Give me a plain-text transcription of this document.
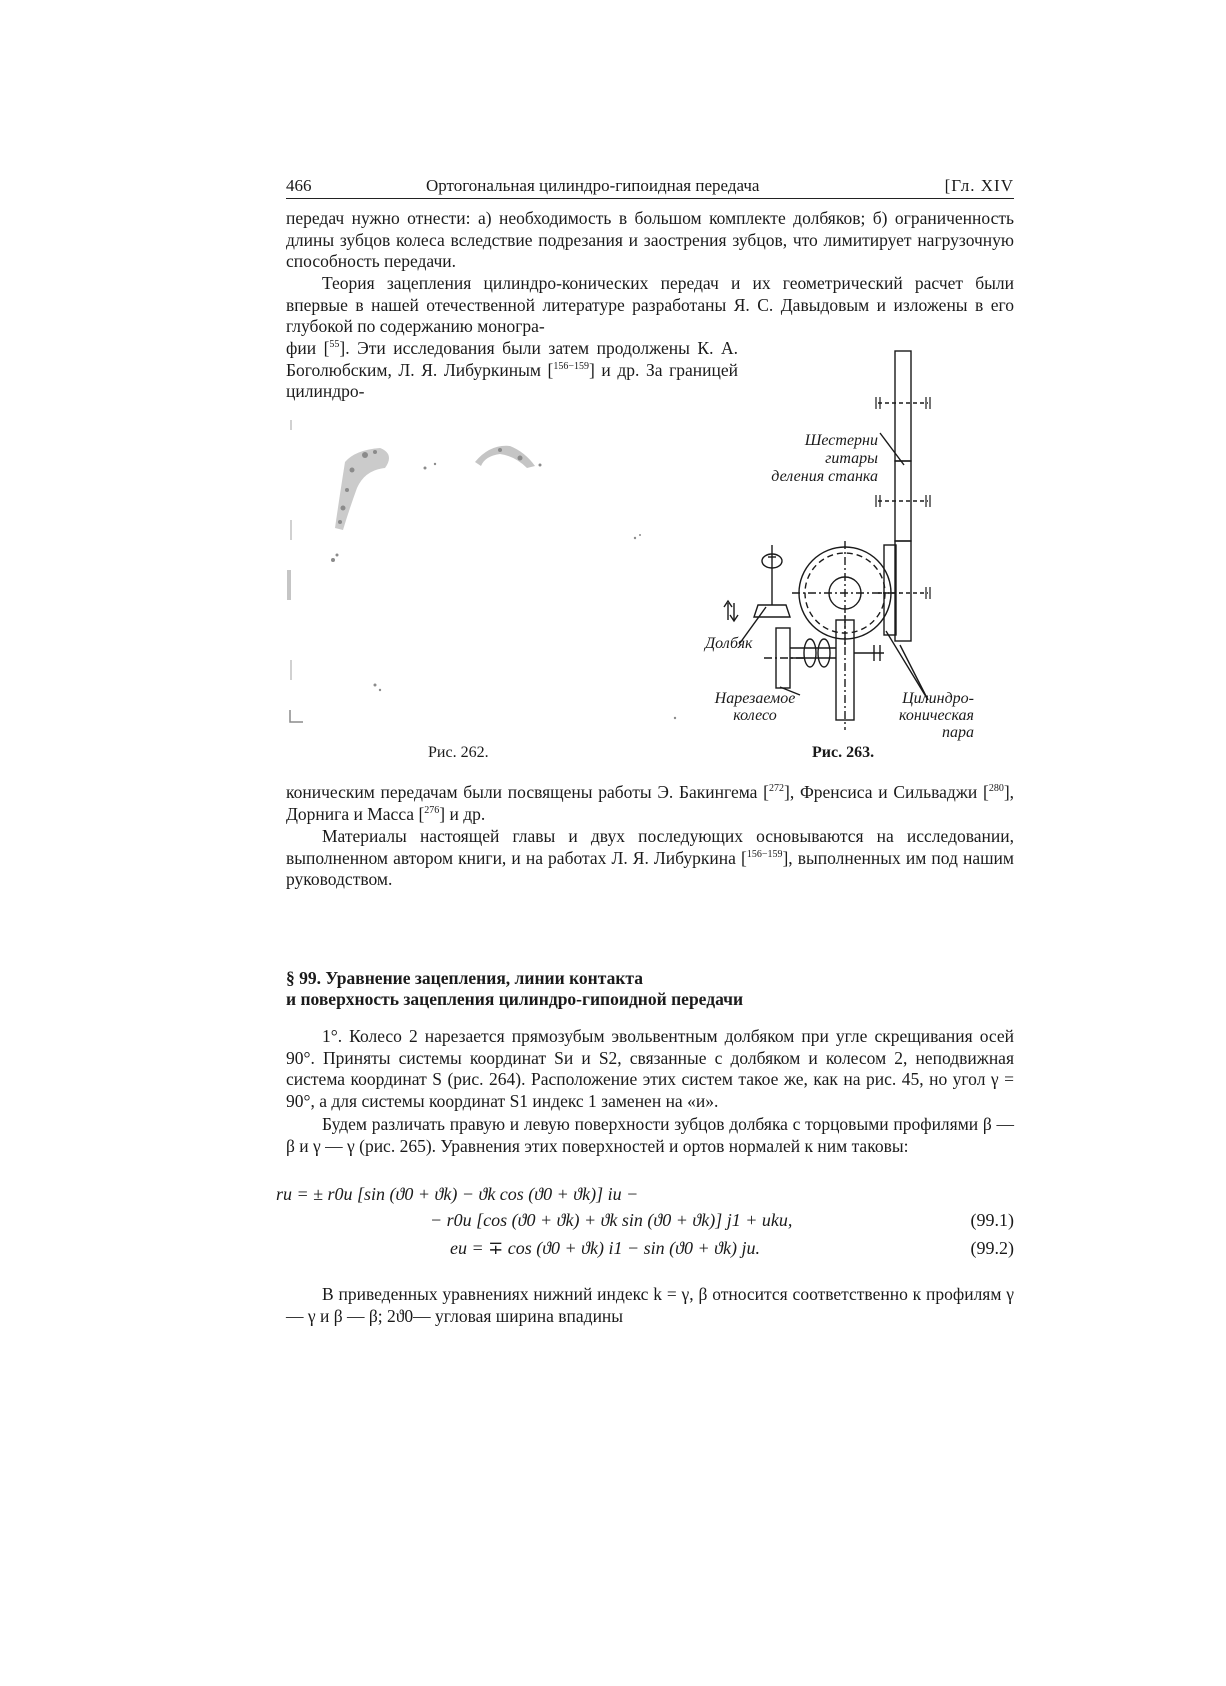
466	Ортогональная цилиндро-гипоидная передача	[Гл. XIV

передач нужно отнести: а) необходимость в большом комплекте долбяков; б) ограниченность длины зубцов колеса вследствие подрезания и заострения зубцов, что лимитирует нагрузочную способность передачи.

Теория зацепления цилиндро-конических передач и их геометрический расчет были впервые в нашей отечественной литературе разработаны Я. С. Давыдовым и изложены в его глубокой по содержанию моногра-

фии [$^{55}$]. Эти исследования были затем продолжены К. А. Боголюбским, Л. Я. Либуркиным [$^{156-159}$] и др. За границей цилиндро-

Шестерни гитары
деления станка
Долбяк
Нарезаемое
колесо
Цилиндро-
коническая
пара
Рис. 262.	Рис. 263.

коническим передачам были посвящены работы Э. Бакингема [$^{272}$], Френсиса и Сильваджи [$^{280}$], Дорнига и Масса [$^{276}$] и др.

Материалы настоящей главы и двух последующих основываются на исследовании, выполненном автором книги, и на работах Л. Я. Либуркина [$^{156-159}$], выполненных им под нашим руководством.

§ 99. Уравнение зацепления, линии контакта
и поверхность зацепления цилиндро-гипоидной передачи

1°. Колесо 2 нарезается прямозубым эвольвентным долбяком при угле скрещивания осей 90°. Приняты системы координат Sи и S2, связанные с долбяком и колесом 2, неподвижная система координат S (рис. 264). Расположение этих систем такое же, как на рис. 45, но угол γ = 90°, а для системы координат S1 индекс 1 заменен на «и».

Будем различать правую и левую поверхности зубцов долбяка с торцовыми профилями β — β и γ — γ (рис. 265). Уравнения этих поверхностей и ортов нормалей к ним таковы:

rи = ± r0и [sin (ϑ0 + ϑk) − ϑk cos (ϑ0 + ϑk)] iи −
− r0и [cos (ϑ0 + ϑk) + ϑk sin (ϑ0 + ϑk)] j1 + ukи,	(99.1)
eи = ∓ cos (ϑ0 + ϑk) i1 − sin (ϑ0 + ϑk) jи.	(99.2)

В приведенных уравнениях нижний индекс k = γ, β относится соответственно к профилям γ — γ и β — β; 2ϑ0— угловая ширина впадины
